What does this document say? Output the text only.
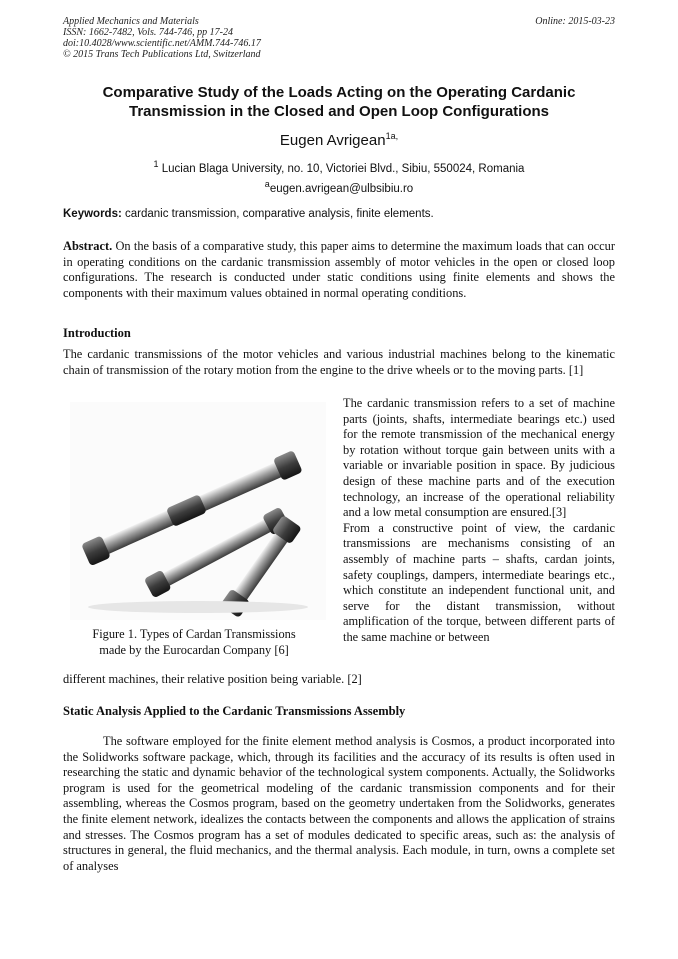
Applied Mechanics and Materials
ISSN: 1662-7482, Vols. 744-746, pp 17-24
doi:10.4028/www.scientific.net/AMM.744-746.17
© 2015 Trans Tech Publications Ltd, Switzerland
Online: 2015-03-23
Comparative Study of the Loads Acting on the Operating Cardanic Transmission in the Closed and Open Loop Configurations
Eugen Avrigean$^{1a,}$
$^1$ Lucian Blaga University, no. 10, Victoriei Blvd., Sibiu, 550024, Romania
$^a$eugen.avrigean@ulbsibiu.ro
Keywords: cardanic transmission, comparative analysis, finite elements.
Abstract. On the basis of a comparative study, this paper aims to determine the maximum loads that can occur in operating conditions on the cardanic transmission assembly of motor vehicles in the open or closed loop configurations. The research is conducted under static conditions using finite elements and shows the components with their maximum values obtained in normal operating conditions.
Introduction
The cardanic transmissions of the motor vehicles and various industrial machines belong to the kinematic chain of transmission of the rotary motion from the engine to the drive wheels or to the moving parts. [1]
Figure 1. Types of Cardan Transmissions
made by the Eurocardan Company [6]

The cardanic transmission refers to a set of machine parts (joints, shafts, intermediate bearings etc.) used for the remote transmission of the mechanical energy by rotation without torque gain between units with a variable or invariable position in space. By judicious design of these machine parts and of the execution technology, an increase of the operational reliability and a low metal consumption are ensured.[3]

From a constructive point of view, the cardanic transmissions are mechanisms consisting of an assembly of machine parts – shafts, cardan joints, safety couplings, dampers, intermediate bearings etc., which constitute an independent functional unit, and serve for the distant transmission, without amplification of the torque, between different parts of the same machine or between

different machines, their relative position being variable. [2]
Static Analysis Applied to the Cardanic Transmissions Assembly
The software employed for the finite element method analysis is Cosmos, a product incorporated into the Solidworks software package, which, through its facilities and the accuracy of its results is often used in researching the static and dynamic behavior of the technological system components. Actually, the Solidworks program is used for the geometrical modeling of the cardanic transmission components and for their assembling, whereas the Cosmos program, based on the geometry undertaken from the Solidworks, generates the finite element network, idealizes the contacts between the components and allows the application of strains and stresses. The Cosmos program has a set of modules dedicated to specific areas, such as: the analysis of structures in general, the fluid mechanics, and the thermal analysis. Each module, in turn, owns a complete set of analyses
